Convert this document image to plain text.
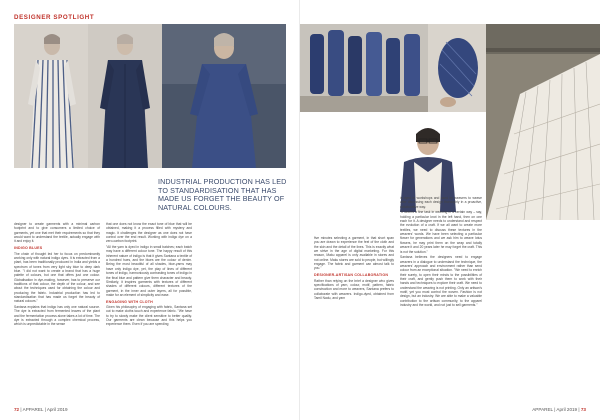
DESIGNER SPOTLIGHT
INDUSTRIAL PRODUCTION HAS LED TO STANDARDISATION THAT HAS MADE US FORGET THE BEAUTY OF NATURAL COLOURS.

designer to create garments with a minimal carbon footprint and to give consumers a limited choice of garments, yet one that met their requirements so that they would want to understand the textile, actually engage with it and enjoy it.

INDIGO BLUES

The chain of thought led her to focus on predominantly working only with natural indigo dyes. It is extracted from a plant, has been traditionally produced in India and yields a spectrum of tones from very light sky blue to deep dark blue. "I did not want to create a brand that has a huge palette of colours, but one that offers just one colour. Globalisation in dye-making, however, has to preserve our traditions of that colour, the depth of the colour, and see about the techniques used for obtaining the colour and producing the fabric. Industrial production has led to standardisation that has made us forget the beauty of natural colours."

Santana explains that indigo has only one natural source. The dye is extracted from fermented leaves of the plant and the fermentation process alone takes a lot of time. The dye is extracted through a complex chemical process, which is unpredictable in the sense

that one does not know the exact tone of blue that will be obtained, making it a process filled with mystery and magic. It challenges the designer as one does not have control over the end result. Working with indigo dye on a zero-carbon footprint.

"All the yarn is dyed in indigo in small batches; each batch may have a different colour tone. The happy result of this inherent nature of indigo is that it gives Santana a textile of a hundred hues, and the blues are the colour of denim. Being the most beautiful of all shades, blue-yarns may have only indigo dye, yet, the play of lines of different tones of indigo, harmoniously contrasting tones of indigo in the final blue and pattern give them character and beauty. Similarly, it inspires garments with textures of different shades of different colours, different textures of the garment, in the inner and outer layers, all for possible, make for an element of simplicity and ease.

ENGAGING WITH CLOTH

Given his philosophy of engaging with fabric, Santana set out to make cloths touch and experience fabric. "We have to try to slowly make the client sensitive to better quality. Our garments are clean because and this helps you experience them. Even if you are spending

72 | APPAREL | April 2019

five minutes selecting a garment, in that short span you are drawn to experience the feel of the cloth and the skin and the detail of the lines. This is exactly what we strive in the age of digital marketing. For this reason, Maku apparel is only available in stores and not online. Maku stores are sold to people, but willingly engage. The fabric and garment can almost talk to you."

DESIGNER-ARTISAN COLLABORATION

Rather than relying on the brief a designer who gives specifications of yarn, colour, motif, pattern, fabric construction and more to weavers, Santana prefers to collaborate with weavers. Indigo-dyed, obtained from Tamil Nadu, and yarn

is dyed in workshops and used by weavers to weave after discussing each design thoroughly in a proactive, collaborative way.

"It seems a fine task in weaving in a certain way – say, holding a particular knot in the left hand, then on one each for it. A designer needs to understand and respect the evolution of a craft. If we all want to create more textiles, we need to discuss these textures in the weavers' words. We have been selecting a particular flower for generations and we ask him to weave lotus flowers, he may print them on the wrap and totally weave it and 20 years later he may forget the craft. This is not the solution."

Santana believes the designers need to engage weavers in a dialogue to understand the technique, the weavers' approach and environment rather than send colour from an exceptional situation. "We need to enrich their surety, to open their minds to the possibilities of their craft, and gently push them to work with their hands and techniques to explore their craft. We need to understand the weaving is not printing. Only an artisan's motif, yet you must control the woven. Fashion is not design, but an industry. We are able to make a valuable contribution to the artisan community, to the apparel industry and the world, and not just to sell garments."

APPAREL | April 2019 | 73
